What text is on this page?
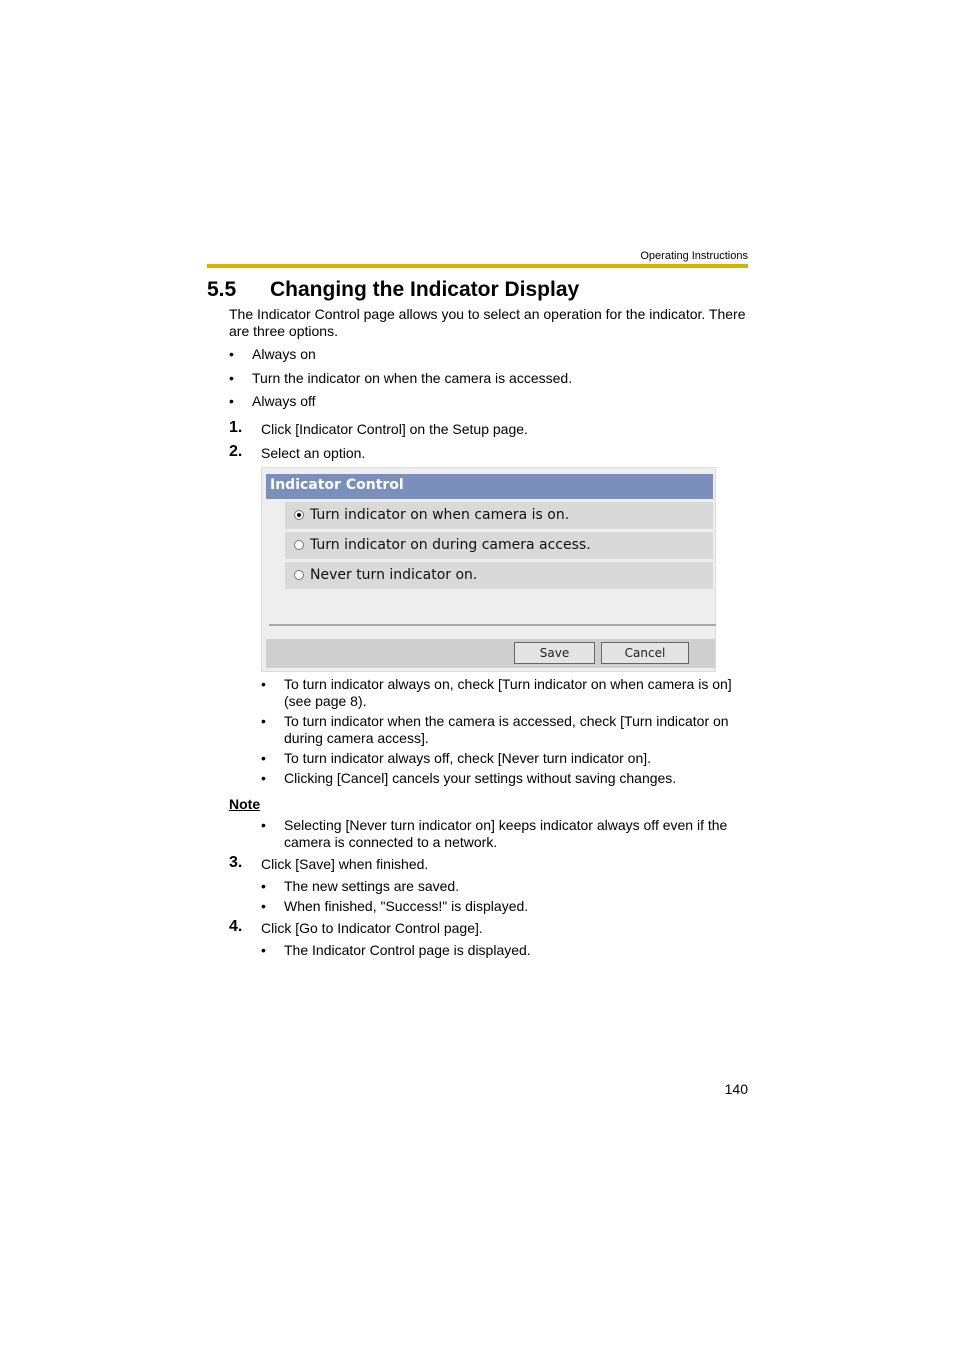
Operating Instructions
5.5 Changing the Indicator Display
The Indicator Control page allows you to select an operation for the indicator. There
are three options.
• Always on
• Turn the indicator on when the camera is accessed.
• Always off
1. Click [Indicator Control] on the Setup page.
2. Select an option.
Indicator Control
Turn indicator on when camera is on.
Turn indicator on during camera access.
Never turn indicator on.
Save	Cancel
• To turn indicator always on, check [Turn indicator on when camera is on]
(see page 8).
• To turn indicator when the camera is accessed, check [Turn indicator on
during camera access].
• To turn indicator always off, check [Never turn indicator on].
• Clicking [Cancel] cancels your settings without saving changes.
Note
• Selecting [Never turn indicator on] keeps indicator always off even if the
camera is connected to a network.
3. Click [Save] when finished.
• The new settings are saved.
• When finished, "Success!" is displayed.
4. Click [Go to Indicator Control page].
• The Indicator Control page is displayed.
140
